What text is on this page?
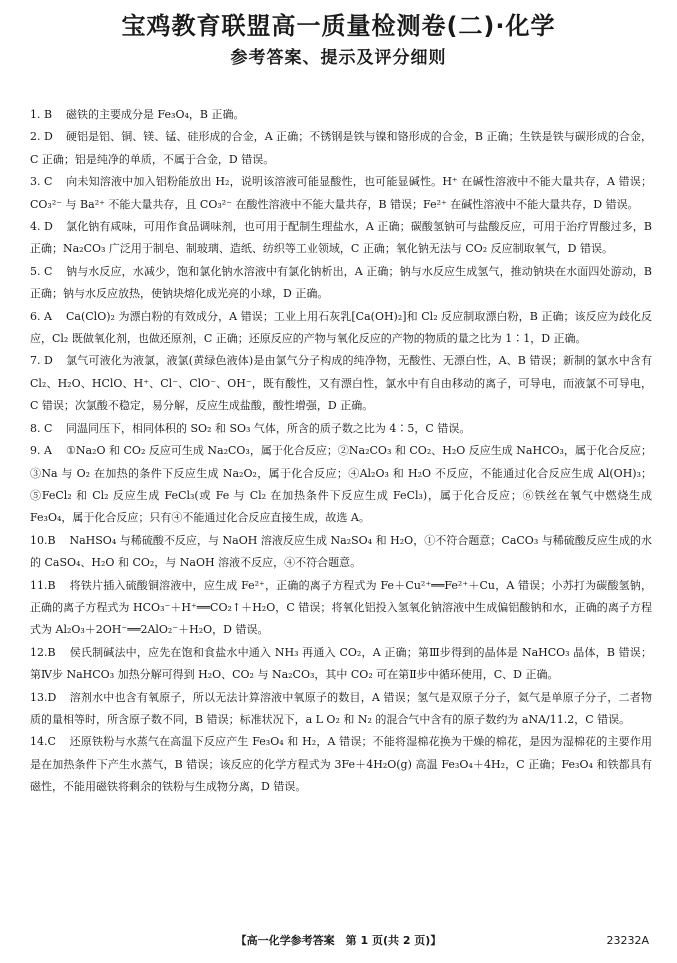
宝鸡教育联盟高一质量检测卷(二)·化学
参考答案、提示及评分细则

1. B 磁铁的主要成分是 Fe₃O₄，B 正确。

2. D 硬铝是铝、铜、镁、锰、硅形成的合金，A 正确；不锈钢是铁与镍和铬形成的合金，B 正确；生铁是铁与碳形成的合金，C 正确；铝是纯净的单质，不属于合金，D 错误。

3. C 向未知溶液中加入铝粉能放出 H₂，说明该溶液可能显酸性，也可能显碱性。H⁺ 在碱性溶液中不能大量共存，A 错误；CO₃²⁻ 与 Ba²⁺ 不能大量共存，且 CO₃²⁻ 在酸性溶液中不能大量共存，B 错误；Fe²⁺ 在碱性溶液中不能大量共存，D 错误。

4. D 氯化钠有咸味，可用作食品调味剂，也可用于配制生理盐水，A 正确；碳酸氢钠可与盐酸反应，可用于治疗胃酸过多，B 正确；Na₂CO₃ 广泛用于制皂、制玻璃、造纸、纺织等工业领域，C 正确；氧化钠无法与 CO₂ 反应制取氧气，D 错误。

5. C 钠与水反应，水减少，饱和氯化钠水溶液中有氯化钠析出，A 正确；钠与水反应生成氢气，推动钠块在水面四处游动，B 正确；钠与水反应放热，使钠块熔化成光亮的小球，D 正确。

6. A Ca(ClO)₂ 为漂白粉的有效成分，A 错误；工业上用石灰乳[Ca(OH)₂]和 Cl₂ 反应制取漂白粉，B 正确；该反应为歧化反应，Cl₂ 既做氧化剂，也做还原剂，C 正确；还原反应的产物与氧化反应的产物的物质的量之比为 1∶1，D 正确。

7. D 氯气可液化为液氯，液氯(黄绿色液体)是由氯气分子构成的纯净物，无酸性、无漂白性，A、B 错误；新制的氯水中含有 Cl₂、H₂O、HClO、H⁺、Cl⁻、ClO⁻、OH⁻，既有酸性，又有漂白性，氯水中有自由移动的离子，可导电，而液氯不可导电，C 错误；次氯酸不稳定，易分解，反应生成盐酸，酸性增强，D 正确。

8. C 同温同压下，相同体积的 SO₂ 和 SO₃ 气体，所含的质子数之比为 4∶5，C 错误。

9. A ①Na₂O 和 CO₂ 反应可生成 Na₂CO₃，属于化合反应；②Na₂CO₃ 和 CO₂、H₂O 反应生成 NaHCO₃，属于化合反应；③Na 与 O₂ 在加热的条件下反应生成 Na₂O₂，属于化合反应；④Al₂O₃ 和 H₂O 不反应，不能通过化合反应生成 Al(OH)₃；⑤FeCl₂ 和 Cl₂ 反应生成 FeCl₃(或 Fe 与 Cl₂ 在加热条件下反应生成 FeCl₃)，属于化合反应；⑥铁丝在氧气中燃烧生成 Fe₃O₄，属于化合反应；只有④不能通过化合反应直接生成，故选 A。

10.B NaHSO₄ 与稀硫酸不反应，与 NaOH 溶液反应生成 Na₂SO₄ 和 H₂O，①不符合题意；CaCO₃ 与稀硫酸反应生成的水的 CaSO₄、H₂O 和 CO₂，与 NaOH 溶液不反应，④不符合题意。

11.B 将铁片插入硫酸铜溶液中，应生成 Fe²⁺，正确的离子方程式为 Fe＋Cu²⁺══Fe²⁺＋Cu，A 错误；小苏打为碳酸氢钠，正确的离子方程式为 HCO₃⁻＋H⁺══CO₂↑＋H₂O，C 错误；将氧化铝投入氢氧化钠溶液中生成偏铝酸钠和水，正确的离子方程式为 Al₂O₃＋2OH⁻══2AlO₂⁻＋H₂O，D 错误。

12.B 侯氏制碱法中，应先在饱和食盐水中通入 NH₃ 再通入 CO₂，A 正确；第Ⅲ步得到的晶体是 NaHCO₃ 晶体，B 错误；第Ⅳ步 NaHCO₃ 加热分解可得到 H₂O、CO₂ 与 Na₂CO₃，其中 CO₂ 可在第Ⅱ步中循环使用，C、D 正确。

13.D 溶剂水中也含有氧原子，所以无法计算溶液中氧原子的数目，A 错误；氢气是双原子分子，氦气是单原子分子，二者物质的量相等时，所含原子数不同，B 错误；标准状况下，a L O₂ 和 N₂ 的混合气中含有的原子数约为 aNA/11.2，C 错误。

14.C 还原铁粉与水蒸气在高温下反应产生 Fe₃O₄ 和 H₂，A 错误；不能将湿棉花换为干燥的棉花，是因为湿棉花的主要作用是在加热条件下产生水蒸气，B 错误；该反应的化学方程式为 3Fe＋4H₂O(g) 高温 Fe₃O₄＋4H₂，C 正确；Fe₃O₄ 和铁都具有磁性，不能用磁铁将剩余的铁粉与生成物分离，D 错误。

【高一化学参考答案　第 1 页(共 2 页)】	23232A
